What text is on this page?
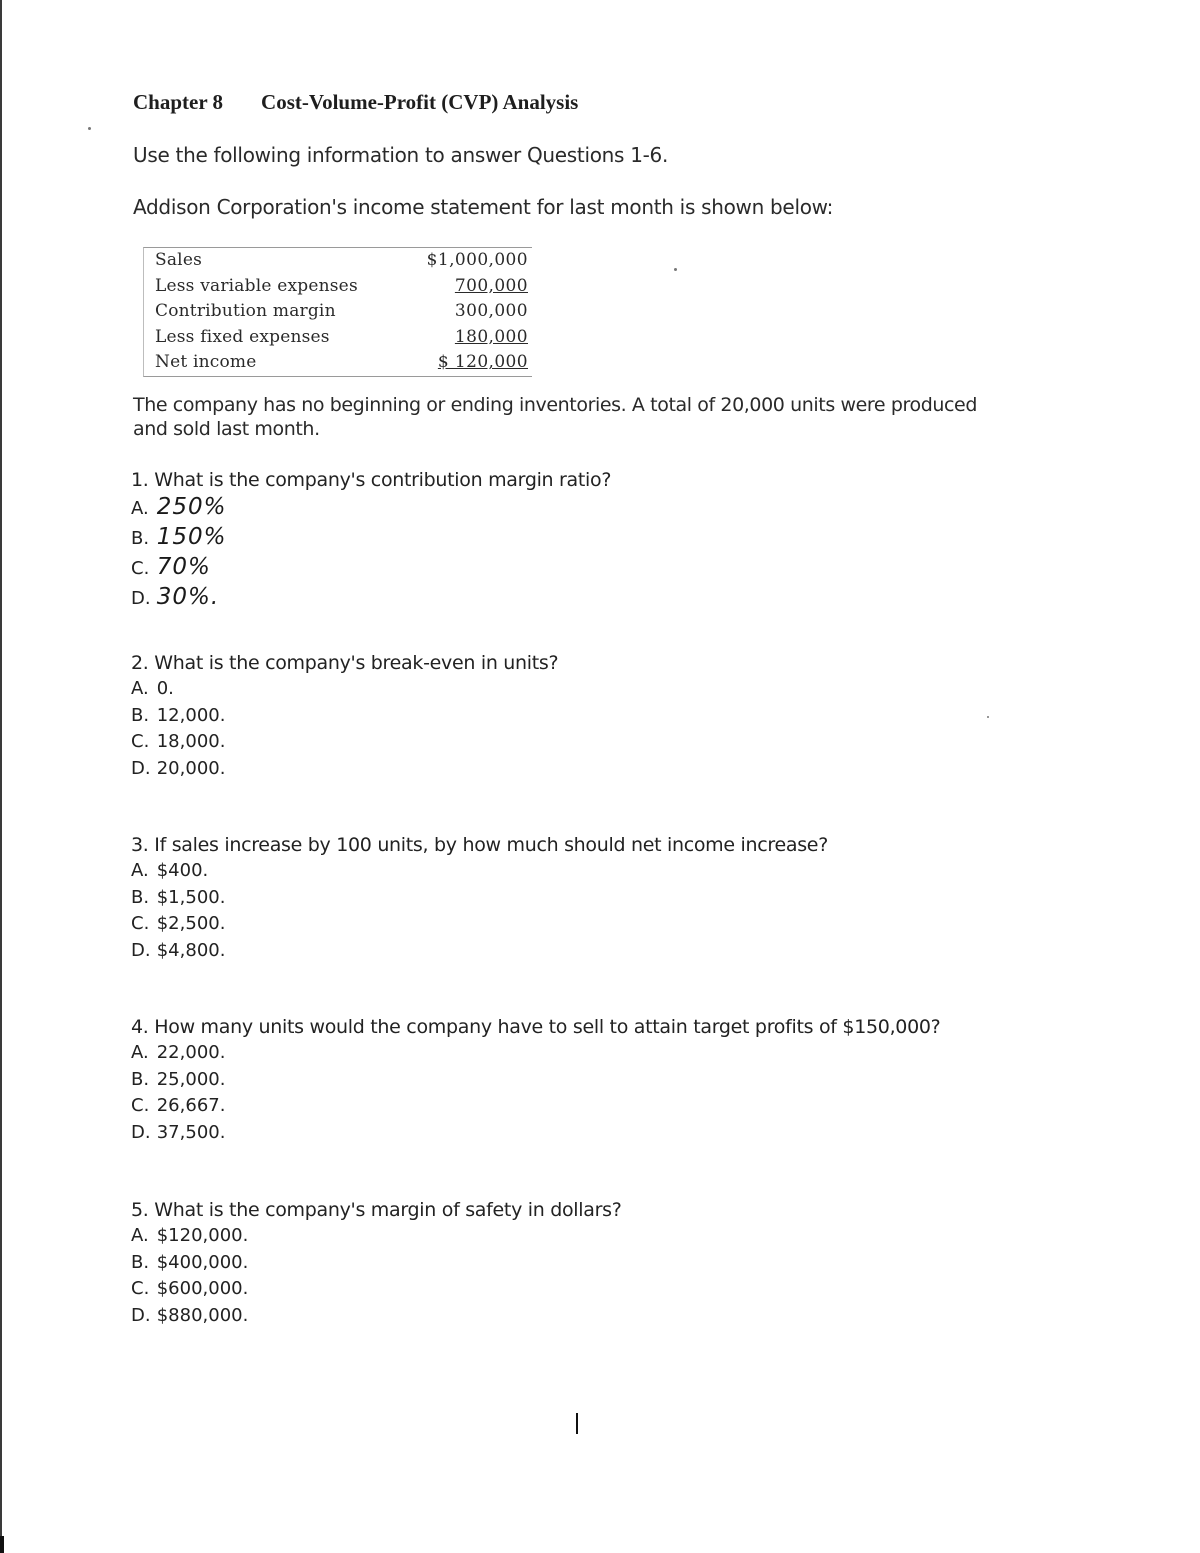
Chapter 8 Cost-Volume-Profit (CVP) Analysis
Use the following information to answer Questions 1-6.
Addison Corporation's income statement for last month is shown below:
Sales	$1,000,000
Less variable expenses	700,000
Contribution margin	300,000
Less fixed expenses	180,000
Net income	$ 120,000
The company has no beginning or ending inventories. A total of 20,000 units were produced and sold last month.
1. What is the company's contribution margin ratio?
A. 250%
B. 150%
C. 70%
D. 30%.
2. What is the company's break-even in units?
A. 0.
B. 12,000.
C. 18,000.
D. 20,000.
3. If sales increase by 100 units, by how much should net income increase?
A. $400.
B. $1,500.
C. $2,500.
D. $4,800.
4. How many units would the company have to sell to attain target profits of $150,000?
A. 22,000.
B. 25,000.
C. 26,667.
D. 37,500.
5. What is the company's margin of safety in dollars?
A. $120,000.
B. $400,000.
C. $600,000.
D. $880,000.
